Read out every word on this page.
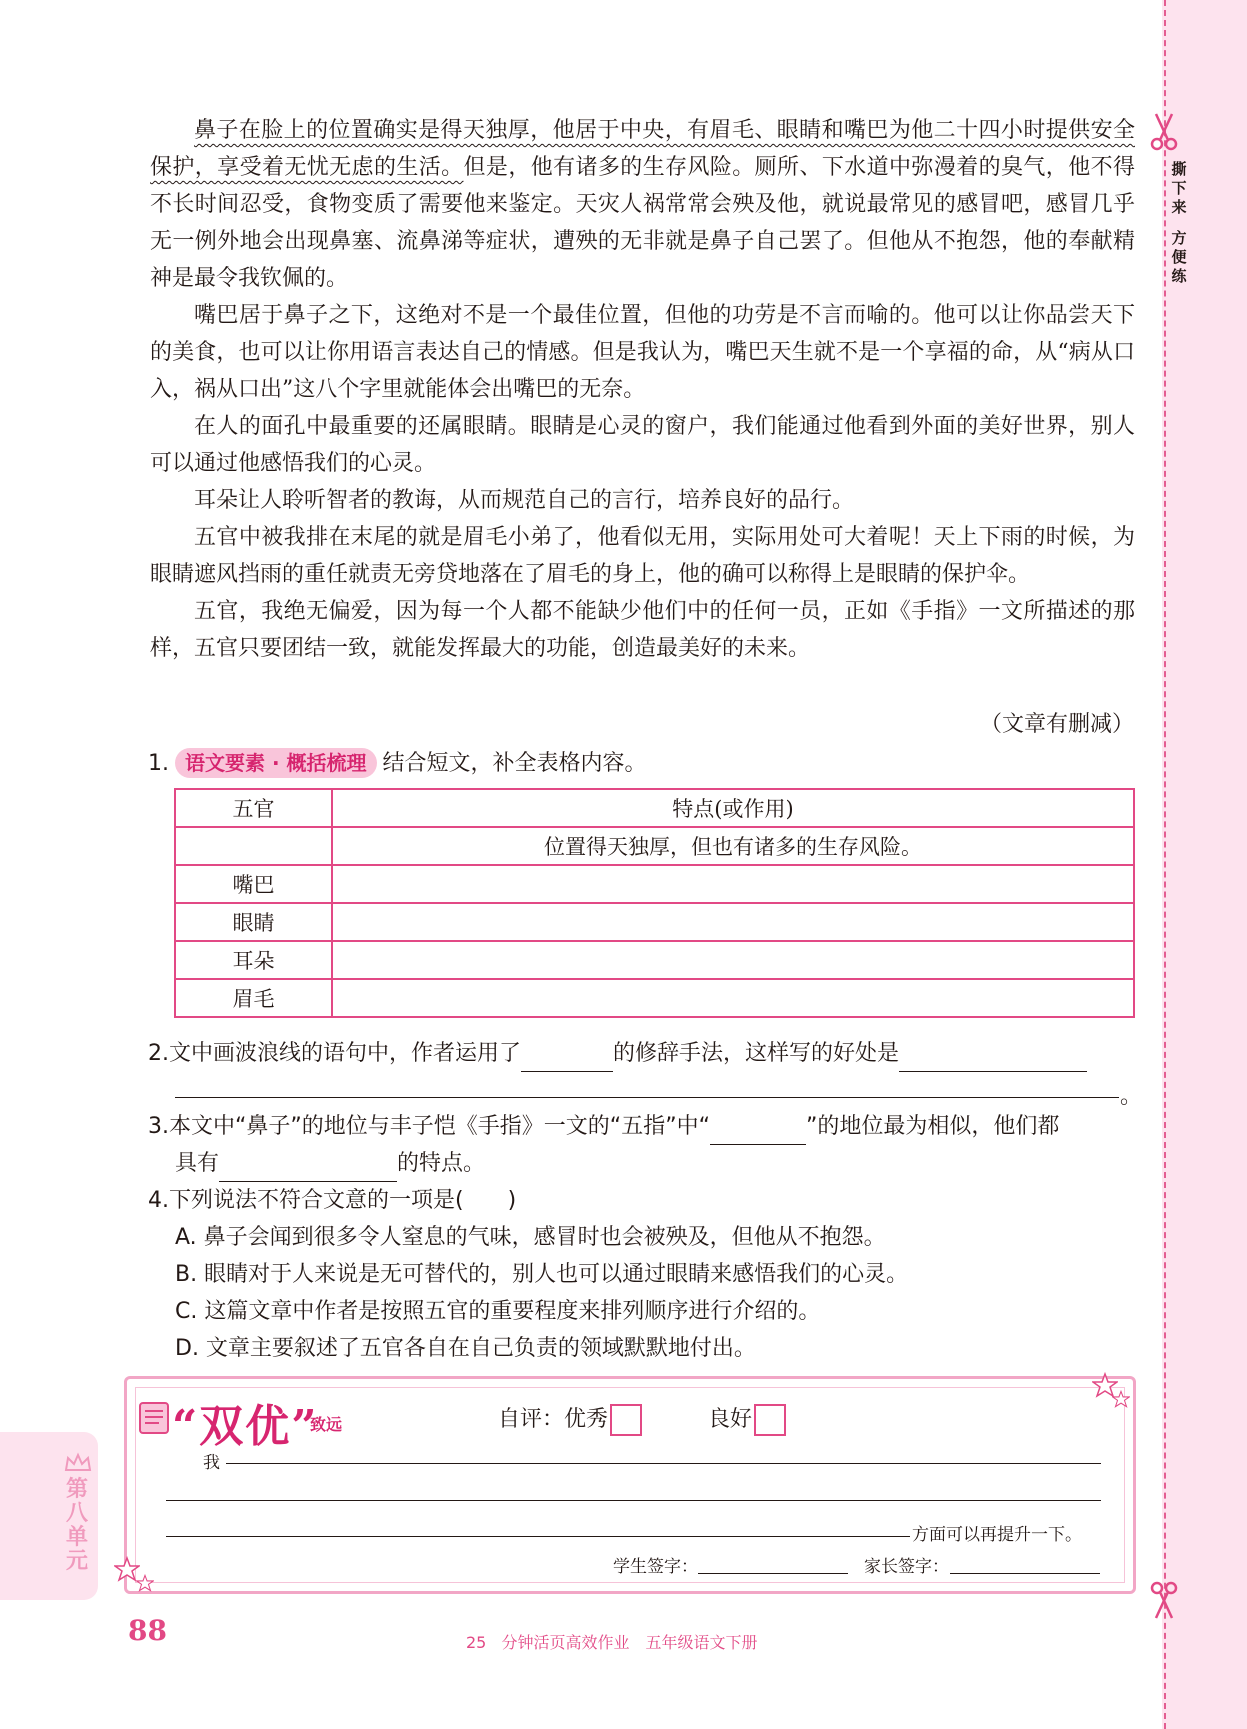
撕
下
来
方
便
练

鼻子在脸上的位置确实是得天独厚，他居于中央，有眉毛、眼睛和嘴巴为他二十四小时提供安全保护，享受着无忧无虑的生活。但是，他有诸多的生存风险。厕所、下水道中弥漫着的臭气，他不得不长时间忍受，食物变质了需要他来鉴定。天灾人祸常常会殃及他，就说最常见的感冒吧，感冒几乎无一例外地会出现鼻塞、流鼻涕等症状，遭殃的无非就是鼻子自己罢了。但他从不抱怨，他的奉献精神是最令我钦佩的。

嘴巴居于鼻子之下，这绝对不是一个最佳位置，但他的功劳是不言而喻的。他可以让你品尝天下的美食，也可以让你用语言表达自己的情感。但是我认为，嘴巴天生就不是一个享福的命，从“病从口入，祸从口出”这八个字里就能体会出嘴巴的无奈。

在人的面孔中最重要的还属眼睛。眼睛是心灵的窗户，我们能通过他看到外面的美好世界，别人可以通过他感悟我们的心灵。

耳朵让人聆听智者的教诲，从而规范自己的言行，培养良好的品行。

五官中被我排在末尾的就是眉毛小弟了，他看似无用，实际用处可大着呢！天上下雨的时候，为眼睛遮风挡雨的重任就责无旁贷地落在了眉毛的身上，他的确可以称得上是眼睛的保护伞。

五官，我绝无偏爱，因为每一个人都不能缺少他们中的任何一员，正如《手指》一文所描述的那样，五官只要团结一致，就能发挥最大的功能，创造最美好的未来。

（文章有删减）
1. 语文要素 · 概括梳理 结合短文，补全表格内容。
五官	特点(或作用)
	位置得天独厚，但也有诸多的生存风险。
嘴巴	
眼睛	
耳朵	
眉毛	
2.文中画波浪线的语句中，作者运用了	的修辞手法，这样写的好处是
。
3.本文中“鼻子”的地位与丰子恺《手指》一文的“五指”中“	”的地位最为相似，他们都
具有	的特点。
4.下列说法不符合文意的一项是(　　)
A. 鼻子会闻到很多令人窒息的气味，感冒时也会被殃及，但他从不抱怨。
B. 眼睛对于人来说是无可替代的，别人也可以通过眼睛来感悟我们的心灵。
C. 这篇文章中作者是按照五官的重要程度来排列顺序进行介绍的。
D. 文章主要叙述了五官各自在自己负责的领域默默地付出。
“双优”
致远	自评：优秀	良好
我
方面可以再提升一下。
学生签字：	家长签字：
第
八
单
元
88	25 分钟活页高效作业　五年级语文下册
